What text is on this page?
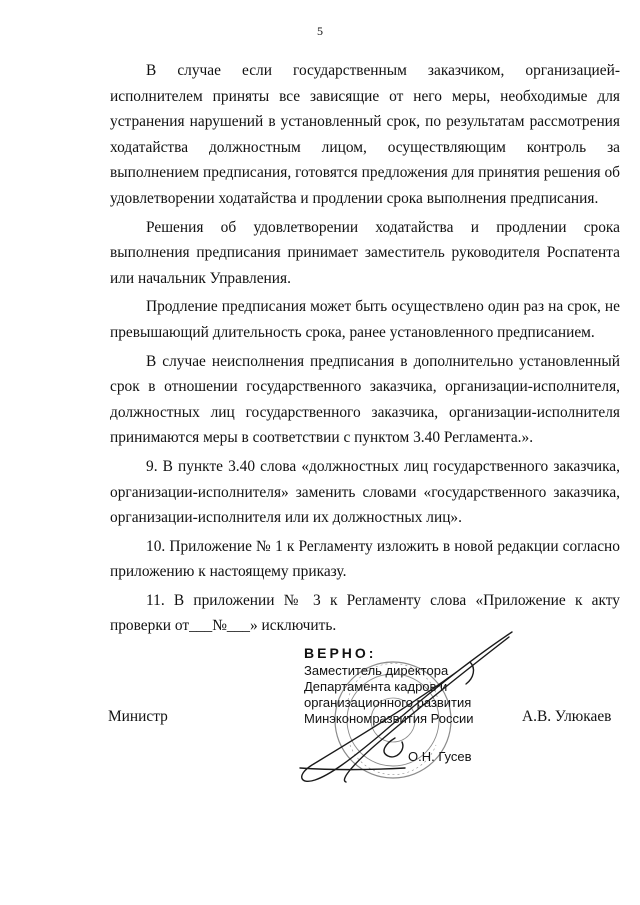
5

В случае если государственным заказчиком, организацией-исполнителем приняты все зависящие от него меры, необходимые для устранения нарушений в установленный срок, по результатам рассмотрения ходатайства должностным лицом, осуществляющим контроль за выполнением предписания, готовятся предложения для принятия решения об удовлетворении ходатайства и продлении срока выполнения предписания.

Решения об удовлетворении ходатайства и продлении срока выполнения предписания принимает заместитель руководителя Роспатента или начальник Управления.

Продление предписания может быть осуществлено один раз на срок, не превышающий длительность срока, ранее установленного предписанием.

В случае неисполнения предписания в дополнительно установленный срок в отношении государственного заказчика, организации-исполнителя, должностных лиц государственного заказчика, организации-исполнителя принимаются меры в соответствии с пунктом 3.40 Регламента.».

9. В пункте 3.40 слова «должностных лиц государственного заказчика, организации-исполнителя» заменить словами «государственного заказчика, организации-исполнителя или их должностных лиц».

10. Приложение № 1 к Регламенту изложить в новой редакции согласно приложению к настоящему приказу.

11. В приложении № 3 к Регламенту слова «Приложение к акту проверки от___№___» исключить.

Министр	А.В. Улюкаев
ВЕРНО:
Заместитель директора
Департамента кадров и
организационного развития
Минэкономразвития России
О.Н. Гусев
